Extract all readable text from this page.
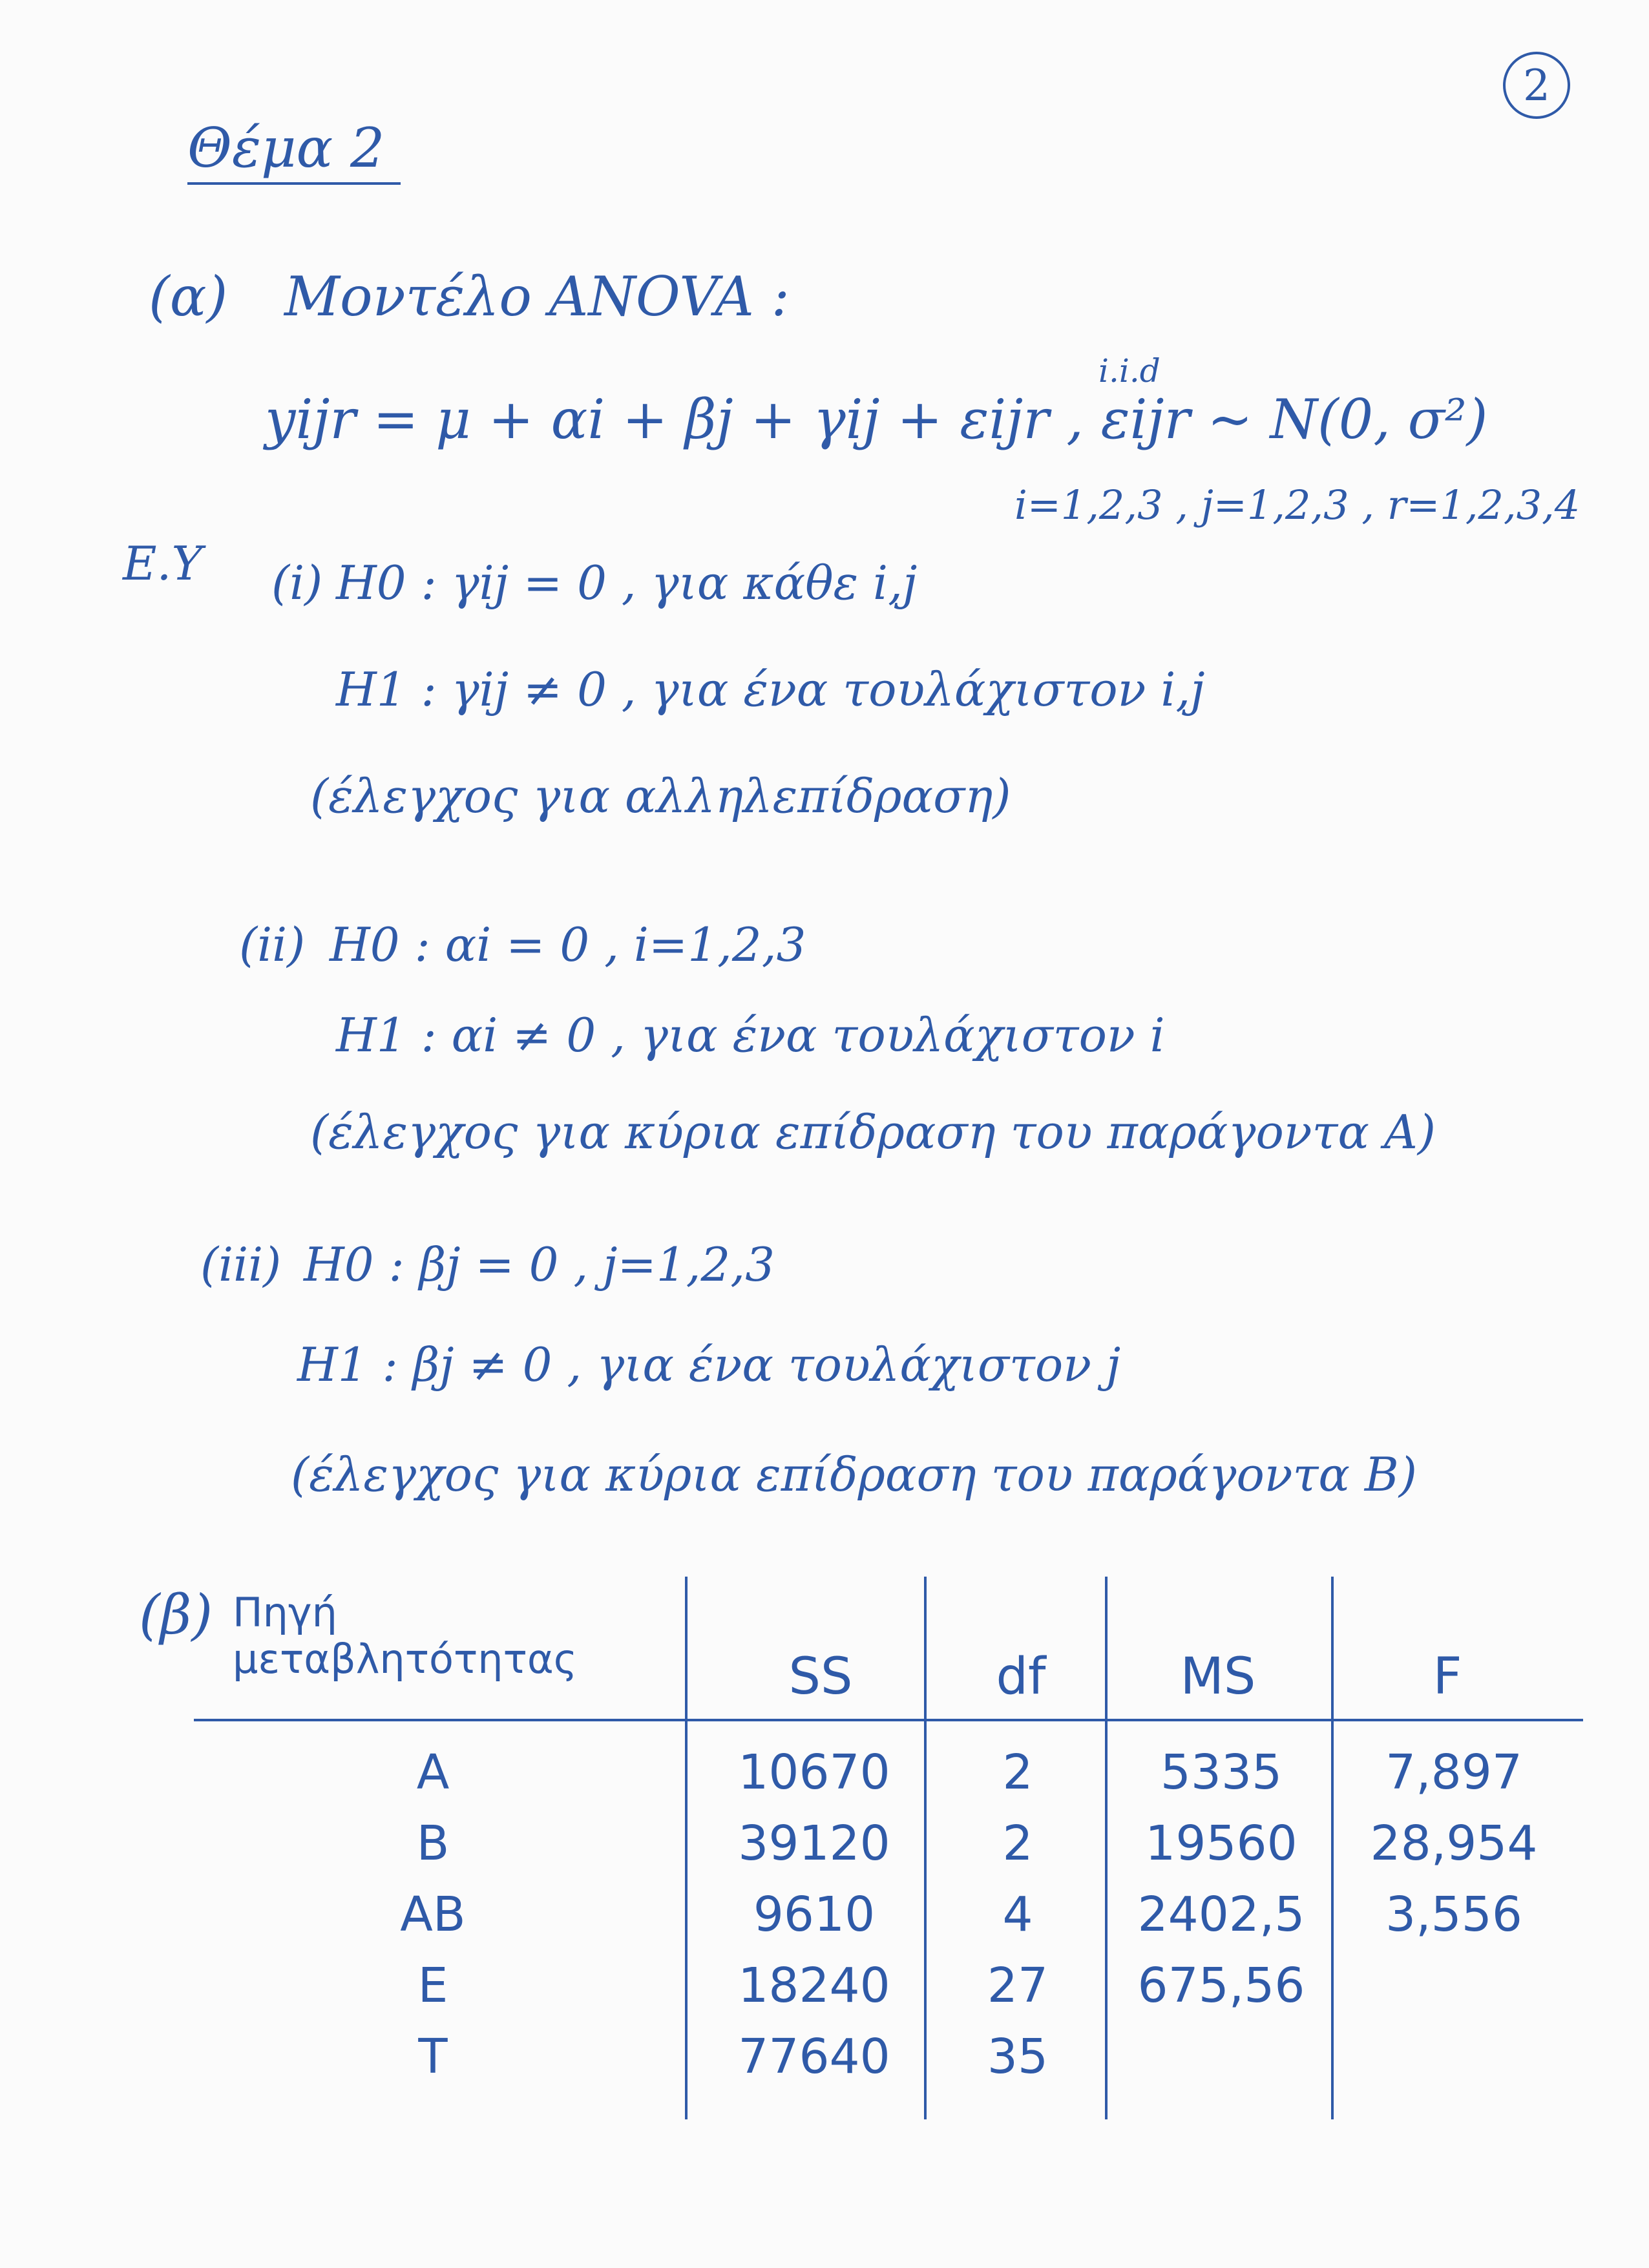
2
Θέμα 2
(α) Μοντέλο ANOVA :
i.i.d
yijr = μ + αi + βj + γij + εijr , εijr ~ N(0, σ²)
i=1,2,3 , j=1,2,3 , r=1,2,3,4
Ε.Υ (i) H0 : γij = 0 , για κάθε i,j
H1 : γij ≠ 0 , για ένα τουλάχιστον i,j
(έλεγχος για αλληλεπίδραση)
(ii) H0 : αi = 0 , i=1,2,3
H1 : αi ≠ 0 , για ένα τουλάχιστον i
(έλεγχος για κύρια επίδραση του παράγοντα A)
(iii) H0 : βj = 0 , j=1,2,3
H1 : βj ≠ 0 , για ένα τουλάχιστον j
(έλεγχος για κύρια επίδραση του παράγοντα B)
(β) Πηγή μεταβλητότητας	SS	df	MS	F
A	10670	2	5335	7,897
B	39120	2	19560	28,954
AB	9610	4	2402,5	3,556
E	18240	27	675,56
T	77640	35
